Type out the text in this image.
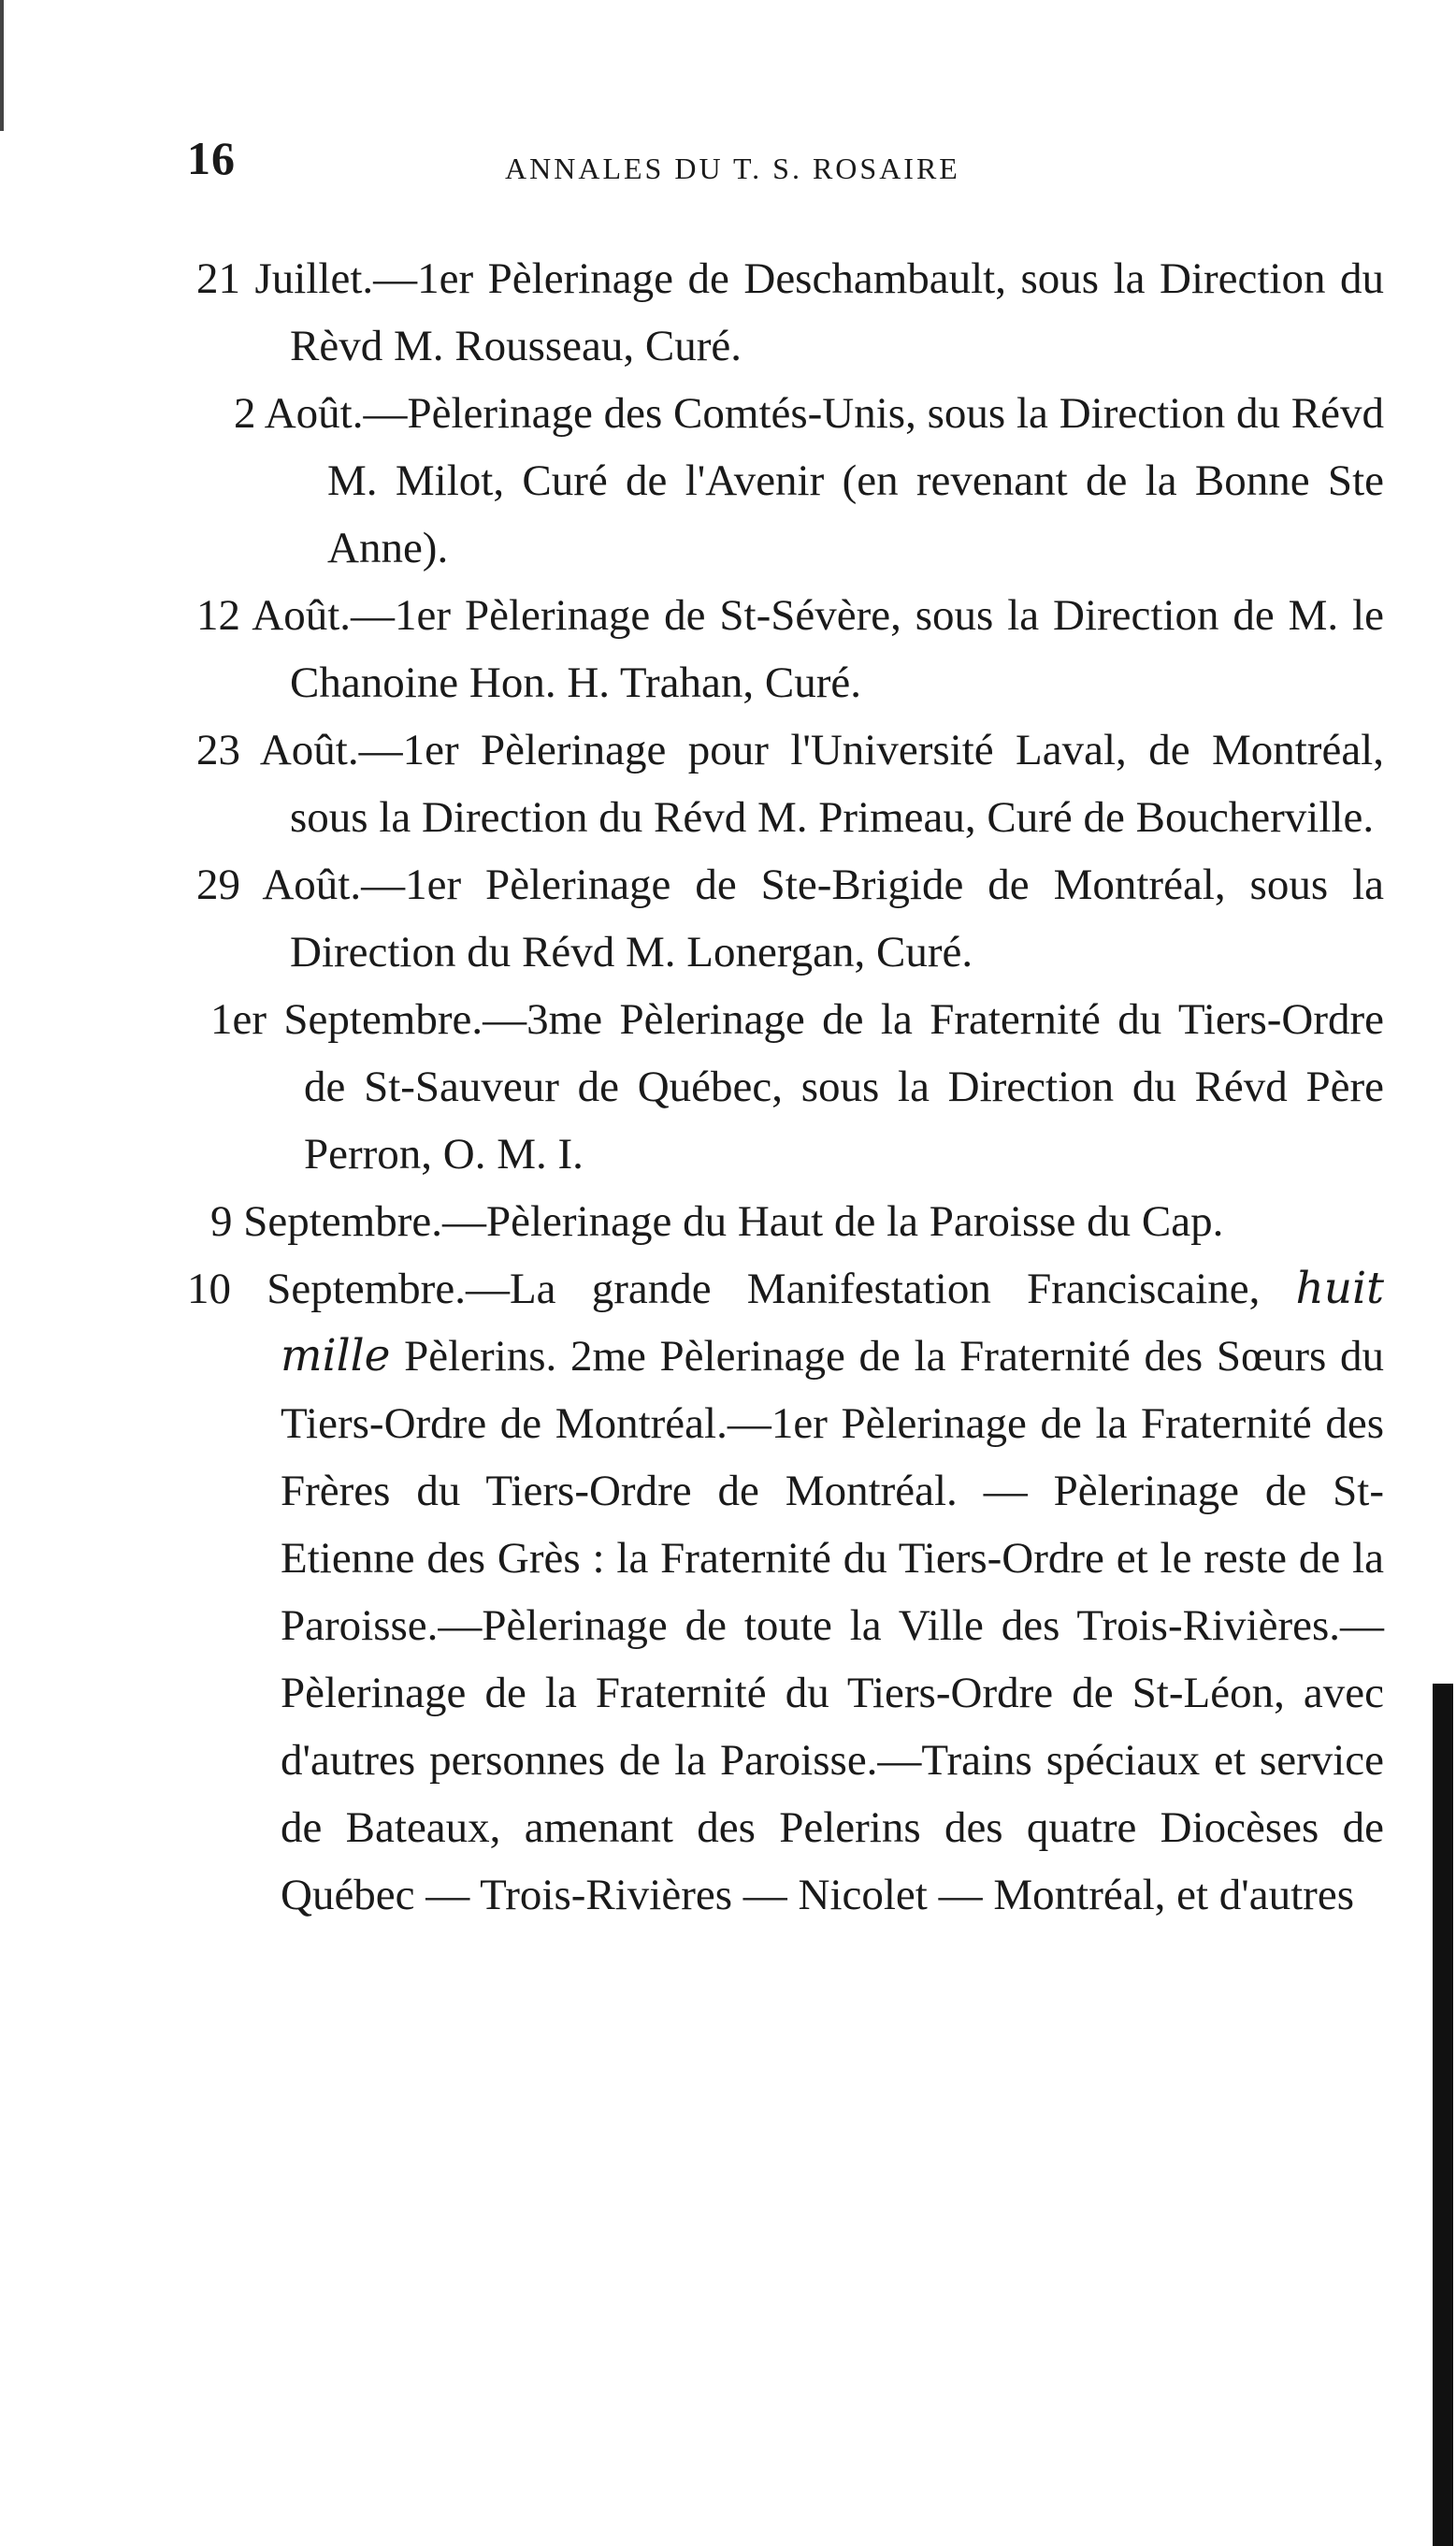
16	ANNALES DU T. S. ROSAIRE

21 Juillet.—1er Pèlerinage de Deschambault, sous la Direction du Rèvd M. Rousseau, Curé.

2 Août.—Pèlerinage des Comtés-Unis, sous la Direction du Révd M. Milot, Curé de l'Avenir (en revenant de la Bonne Ste Anne).

12 Août.—1er Pèlerinage de St-Sévère, sous la Direction de M. le Chanoine Hon. H. Trahan, Curé.

23 Août.—1er Pèlerinage pour l'Université Laval, de Montréal, sous la Direction du Révd M. Primeau, Curé de Boucherville.

29 Août.—1er Pèlerinage de Ste-Brigide de Montréal, sous la Direction du Révd M. Lonergan, Curé.

1er Septembre.—3me Pèlerinage de la Fraternité du Tiers-Ordre de St-Sauveur de Québec, sous la Direction du Révd Père Perron, O. M. I.

9 Septembre.—Pèlerinage du Haut de la Paroisse du Cap.

10 Septembre.—La grande Manifestation Franciscaine, huit mille Pèlerins. 2me Pèlerinage de la Fraternité des Sœurs du Tiers-Ordre de Montréal.—1er Pèlerinage de la Fraternité des Frères du Tiers-Ordre de Montréal. — Pèlerinage de St-Etienne des Grès : la Fraternité du Tiers-Ordre et le reste de la Paroisse.—Pèlerinage de toute la Ville des Trois-Rivières.—Pèlerinage de la Fraternité du Tiers-Ordre de St-Léon, avec d'autres personnes de la Paroisse.—Trains spéciaux et service de Bateaux, amenant des Pelerins des quatre Diocèses de Québec — Trois-Rivières — Nicolet — Montréal, et d'autres
